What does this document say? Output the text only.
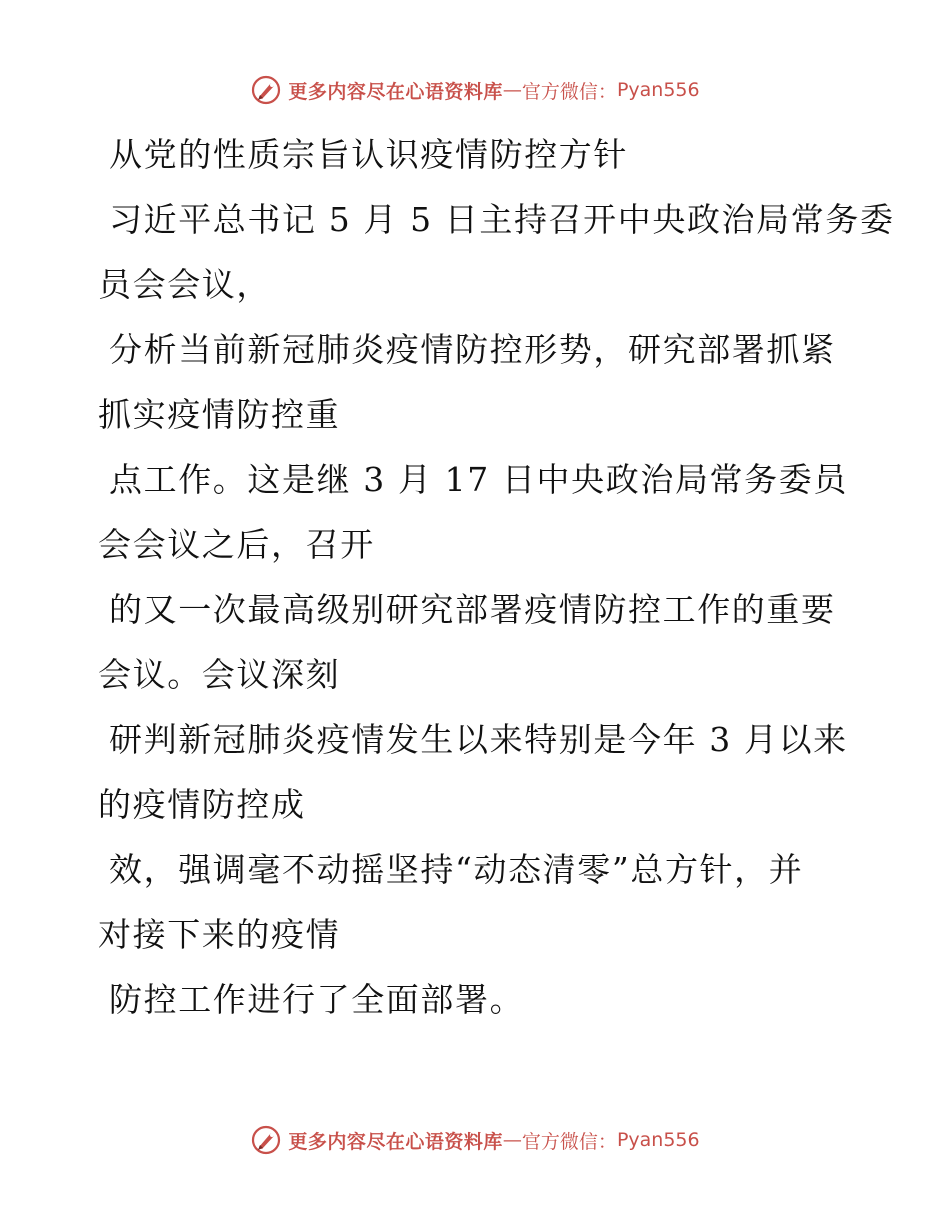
更多内容尽在心语资料库 — 官方微信： Pyan556
从党的性质宗旨认识疫情防控方针
习近平总书记 5 月 5 日主持召开中央政治局常务委
员会会议，
分析当前新冠肺炎疫情防控形势，研究部署抓紧
抓实疫情防控重
点工作。这是继 3 月 17 日中央政治局常务委员
会会议之后，召开
的又一次最高级别研究部署疫情防控工作的重要
会议。会议深刻
研判新冠肺炎疫情发生以来特别是今年 3 月以来
的疫情防控成
效，强调毫不动摇坚持“动态清零”总方针，并
对接下来的疫情
防控工作进行了全面部署。
更多内容尽在心语资料库 — 官方微信： Pyan556
